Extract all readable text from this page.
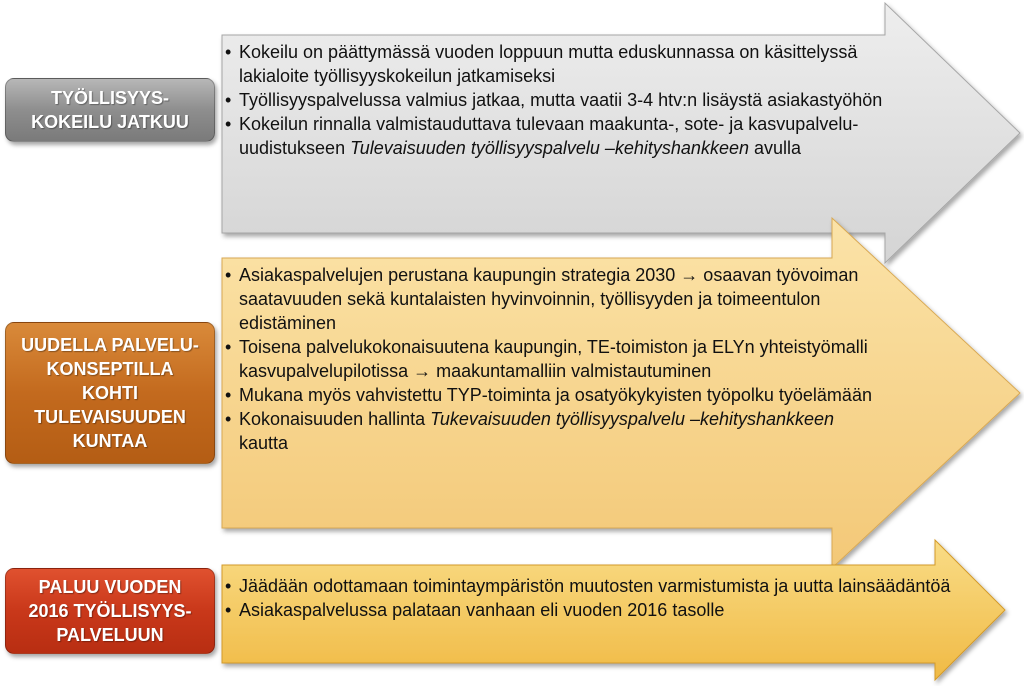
TYÖLLISYYS-
KOKEILU JATKUU
UUDELLA PALVELU-
KONSEPTILLA
KOHTI
TULEVAISUUDEN
KUNTAA
PALUU VUODEN
2016 TYÖLLISYYS-
PALVELUUN
• Kokeilu on päättymässä vuoden loppuun mutta eduskunnassa on käsittelyssä lakialoite työllisyyskokeilun jatkamiseksi
• Työllisyyspalvelussa valmius jatkaa, mutta vaatii 3-4 htv:n lisäystä asiakastyöhön
• Kokeilun rinnalla valmistauduttava tulevaan maakunta-, sote- ja kasvupalvelu-uudistukseen Tulevaisuuden työllisyyspalvelu –kehityshankkeen avulla
• Asiakaspalvelujen perustana kaupungin strategia 2030 → osaavan työvoiman saatavuuden sekä kuntalaisten hyvinvoinnin, työllisyyden ja toimeentulon edistäminen
• Toisena palvelukokonaisuutena kaupungin, TE-toimiston ja ELYn yhteistyömalli kasvupalvelupilotissa → maakuntamalliin valmistautuminen
• Mukana myös vahvistettu TYP-toiminta ja osatyökykyisten työpolku työelämään
• Kokonaisuuden hallinta Tukevaisuuden työllisyyspalvelu –kehityshankkeen kautta
• Jäädään odottamaan toimintaympäristön muutosten varmistumista ja uutta lainsäädäntöä
• Asiakaspalvelussa palataan vanhaan eli vuoden 2016 tasolle
